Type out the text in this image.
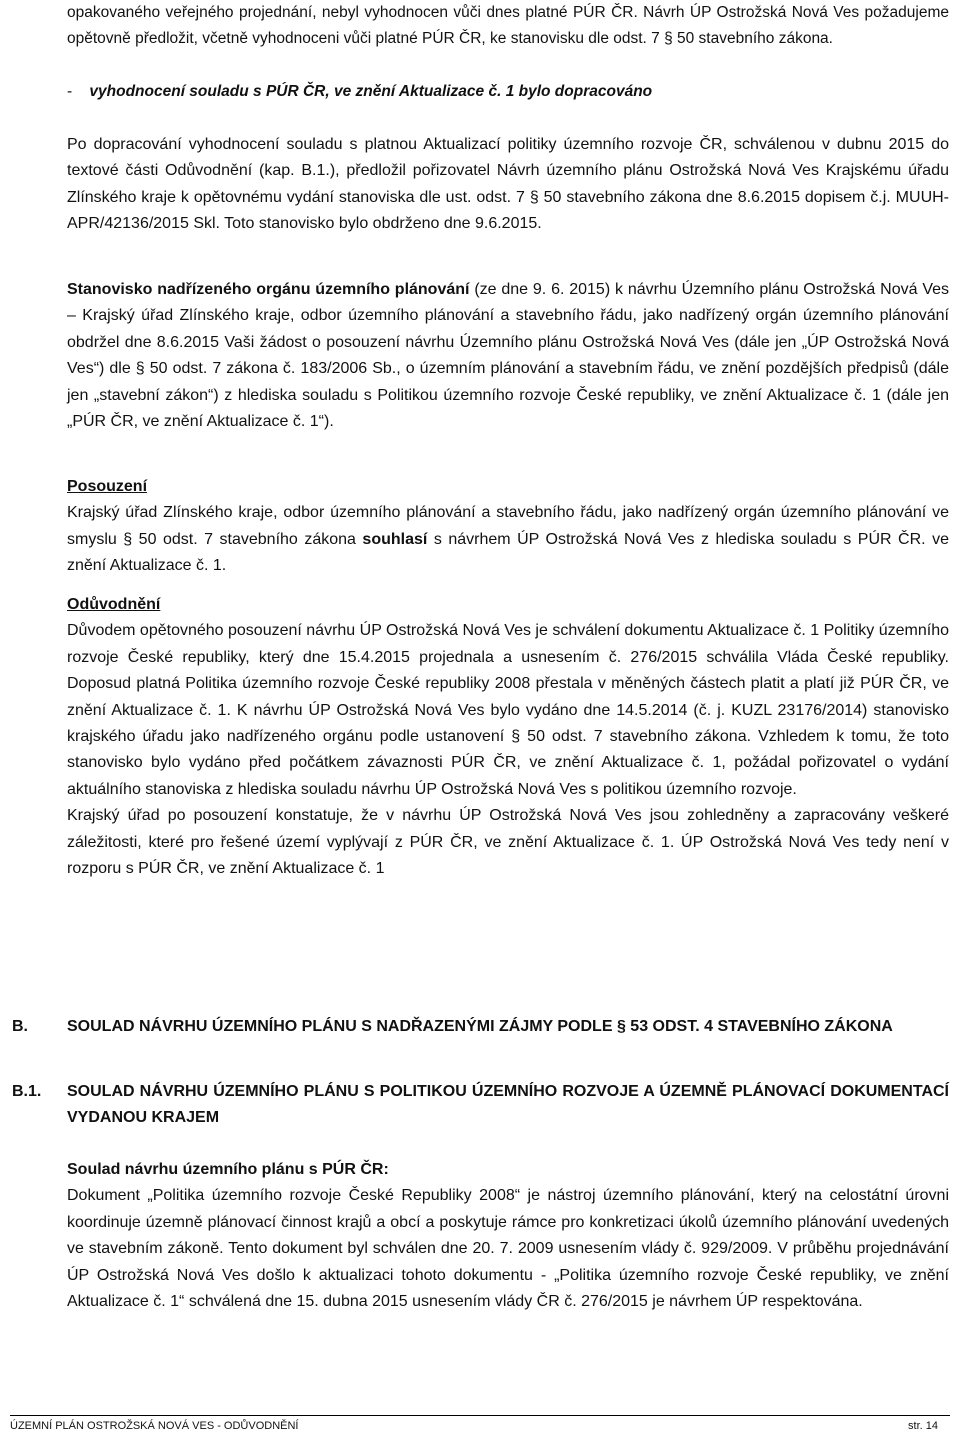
opakovaného veřejného projednání, nebyl vyhodnocen vůči dnes platné PÚR ČR. Návrh ÚP Ostrožská Nová Ves požadujeme opětovně předložit, včetně vyhodnoceni vůči platné PÚR ČR, ke stanovisku dle odst. 7 § 50 stavebního zákona.

- vyhodnocení souladu s PÚR ČR, ve znění Aktualizace č. 1 bylo dopracováno

Po dopracování vyhodnocení souladu s platnou Aktualizací politiky územního rozvoje ČR, schválenou v dubnu 2015 do textové části Odůvodnění (kap. B.1.), předložil pořizovatel Návrh územního plánu Ostrožská Nová Ves Krajskému úřadu Zlínského kraje k opětovnému vydání stanoviska dle ust. odst. 7 § 50 stavebního zákona dne 8.6.2015 dopisem č.j. MUUH-APR/42136/2015 Skl. Toto stanovisko bylo obdrženo dne 9.6.2015.

Stanovisko nadřízeného orgánu územního plánování (ze dne 9. 6. 2015) k návrhu Územního plánu Ostrožská Nová Ves – Krajský úřad Zlínského kraje, odbor územního plánování a stavebního řádu, jako nadřízený orgán územního plánování obdržel dne 8.6.2015 Vaši žádost o posouzení návrhu Územního plánu Ostrožská Nová Ves (dále jen „ÚP Ostrožská Nová Ves“) dle § 50 odst. 7 zákona č. 183/2006 Sb., o územním plánování a stavebním řádu, ve znění pozdějších předpisů (dále jen „stavební zákon“) z hlediska souladu s Politikou územního rozvoje České republiky, ve znění Aktualizace č. 1 (dále jen „PÚR ČR, ve znění Aktualizace č. 1“).

Posouzení
Krajský úřad Zlínského kraje, odbor územního plánování a stavebního řádu, jako nadřízený orgán územního plánování ve smyslu § 50 odst. 7 stavebního zákona souhlasí s návrhem ÚP Ostrožská Nová Ves z hlediska souladu s PÚR ČR. ve znění Aktualizace č. 1.
Odůvodnění
Důvodem opětovného posouzení návrhu ÚP Ostrožská Nová Ves je schválení dokumentu Aktualizace č. 1 Politiky územního rozvoje České republiky, který dne 15.4.2015 projednala a usnesením č. 276/2015 schválila Vláda České republiky. Doposud platná Politika územního rozvoje České republiky 2008 přestala v měněných částech platit a platí již PÚR ČR, ve znění Aktualizace č. 1. K návrhu ÚP Ostrožská Nová Ves bylo vydáno dne 14.5.2014 (č. j. KUZL 23176/2014) stanovisko krajského úřadu jako nadřízeného orgánu podle ustanovení § 50 odst. 7 stavebního zákona. Vzhledem k tomu, že toto stanovisko bylo vydáno před počátkem závaznosti PÚR ČR, ve znění Aktualizace č. 1, požádal pořizovatel o vydání aktuálního stanoviska z hlediska souladu návrhu ÚP Ostrožská Nová Ves s politikou územního rozvoje.
Krajský úřad po posouzení konstatuje, že v návrhu ÚP Ostrožská Nová Ves jsou zohledněny a zapracovány veškeré záležitosti, které pro řešené území vyplývají z PÚR ČR, ve znění Aktualizace č. 1. ÚP Ostrožská Nová Ves tedy není v rozporu s PÚR ČR, ve znění Aktualizace č. 1
B.	SOULAD NÁVRHU ÚZEMNÍHO PLÁNU S NADŘAZENÝMI ZÁJMY PODLE § 53 ODST. 4 STAVEBNÍHO ZÁKONA
B.1.	SOULAD NÁVRHU ÚZEMNÍHO PLÁNU S POLITIKOU ÚZEMNÍHO ROZVOJE A ÚZEMNĚ PLÁNOVACÍ DOKUMENTACÍ VYDANOU KRAJEM
Soulad návrhu územního plánu s PÚR ČR:
Dokument „Politika územního rozvoje České Republiky 2008“ je nástroj územního plánování, který na celostátní úrovni koordinuje územně plánovací činnost krajů a obcí a poskytuje rámce pro konkretizaci úkolů územního plánování uvedených ve stavebním zákoně. Tento dokument byl schválen dne 20. 7. 2009 usnesením vlády č. 929/2009. V průběhu projednávání ÚP Ostrožská Nová Ves došlo k aktualizaci tohoto dokumentu - „Politika územního rozvoje České republiky, ve znění Aktualizace č. 1“ schválená dne 15. dubna 2015 usnesením vlády ČR č. 276/2015 je návrhem ÚP respektována.
ÚZEMNÍ PLÁN OSTROŽSKÁ NOVÁ VES - ODŮVODNĚNÍ	str. 14
